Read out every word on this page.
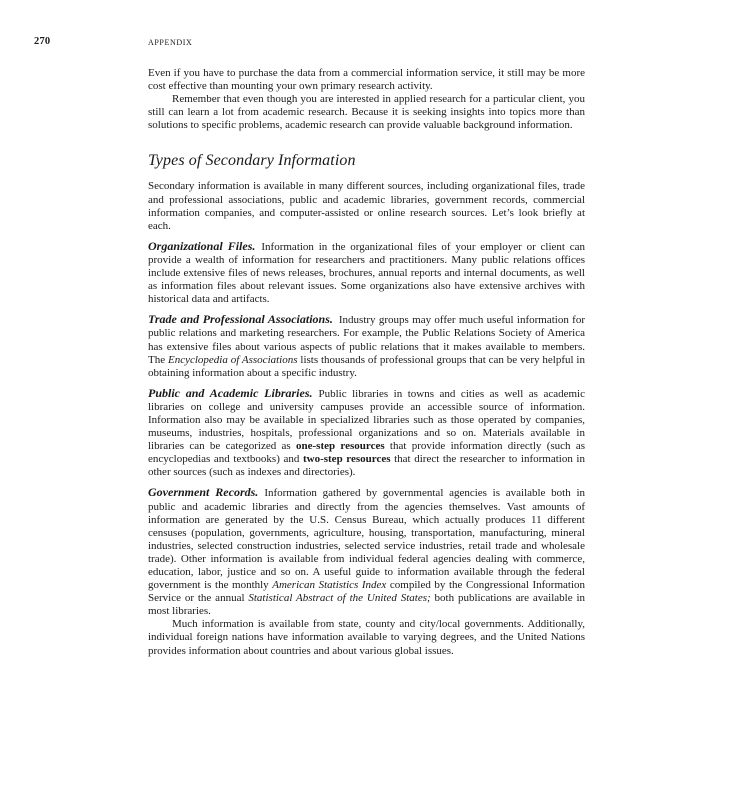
270	APPENDIX

Even if you have to purchase the data from a commercial information service, it still may be more cost effective than mounting your own primary research activity.

Remember that even though you are interested in applied research for a particular client, you still can learn a lot from academic research. Because it is seeking insights into topics more than solutions to specific problems, academic research can provide valuable background information.

Types of Secondary Information

Secondary information is available in many different sources, including organizational files, trade and professional associations, public and academic libraries, government records, commercial information companies, and computer-assisted or online research sources. Let’s look briefly at each.

Organizational Files. Information in the organizational files of your employer or client can provide a wealth of information for researchers and practitioners. Many public relations offices include extensive files of news releases, brochures, annual reports and internal documents, as well as information files about relevant issues. Some organizations also have extensive archives with historical data and artifacts.

Trade and Professional Associations. Industry groups may offer much useful information for public relations and marketing researchers. For example, the Public Relations Society of America has extensive files about various aspects of public relations that it makes available to members. The Encyclopedia of Associations lists thousands of professional groups that can be very helpful in obtaining information about a specific industry.

Public and Academic Libraries. Public libraries in towns and cities as well as academic libraries on college and university campuses provide an accessible source of information. Information also may be available in specialized libraries such as those operated by companies, museums, industries, hospitals, professional organizations and so on. Materials available in libraries can be categorized as one-step resources that provide information directly (such as encyclopedias and textbooks) and two-step resources that direct the researcher to information in other sources (such as indexes and directories).

Government Records. Information gathered by governmental agencies is available both in public and academic libraries and directly from the agencies themselves. Vast amounts of information are generated by the U.S. Census Bureau, which actually produces 11 different censuses (population, governments, agriculture, housing, transportation, manufacturing, mineral industries, selected construction industries, selected service industries, retail trade and wholesale trade). Other information is available from individual federal agencies dealing with commerce, education, labor, justice and so on. A useful guide to information available through the federal government is the monthly American Statistics Index compiled by the Congressional Information Service or the annual Statistical Abstract of the United States; both publications are available in most libraries.

Much information is available from state, county and city/local governments. Additionally, individual foreign nations have information available to varying degrees, and the United Nations provides information about countries and about various global issues.
